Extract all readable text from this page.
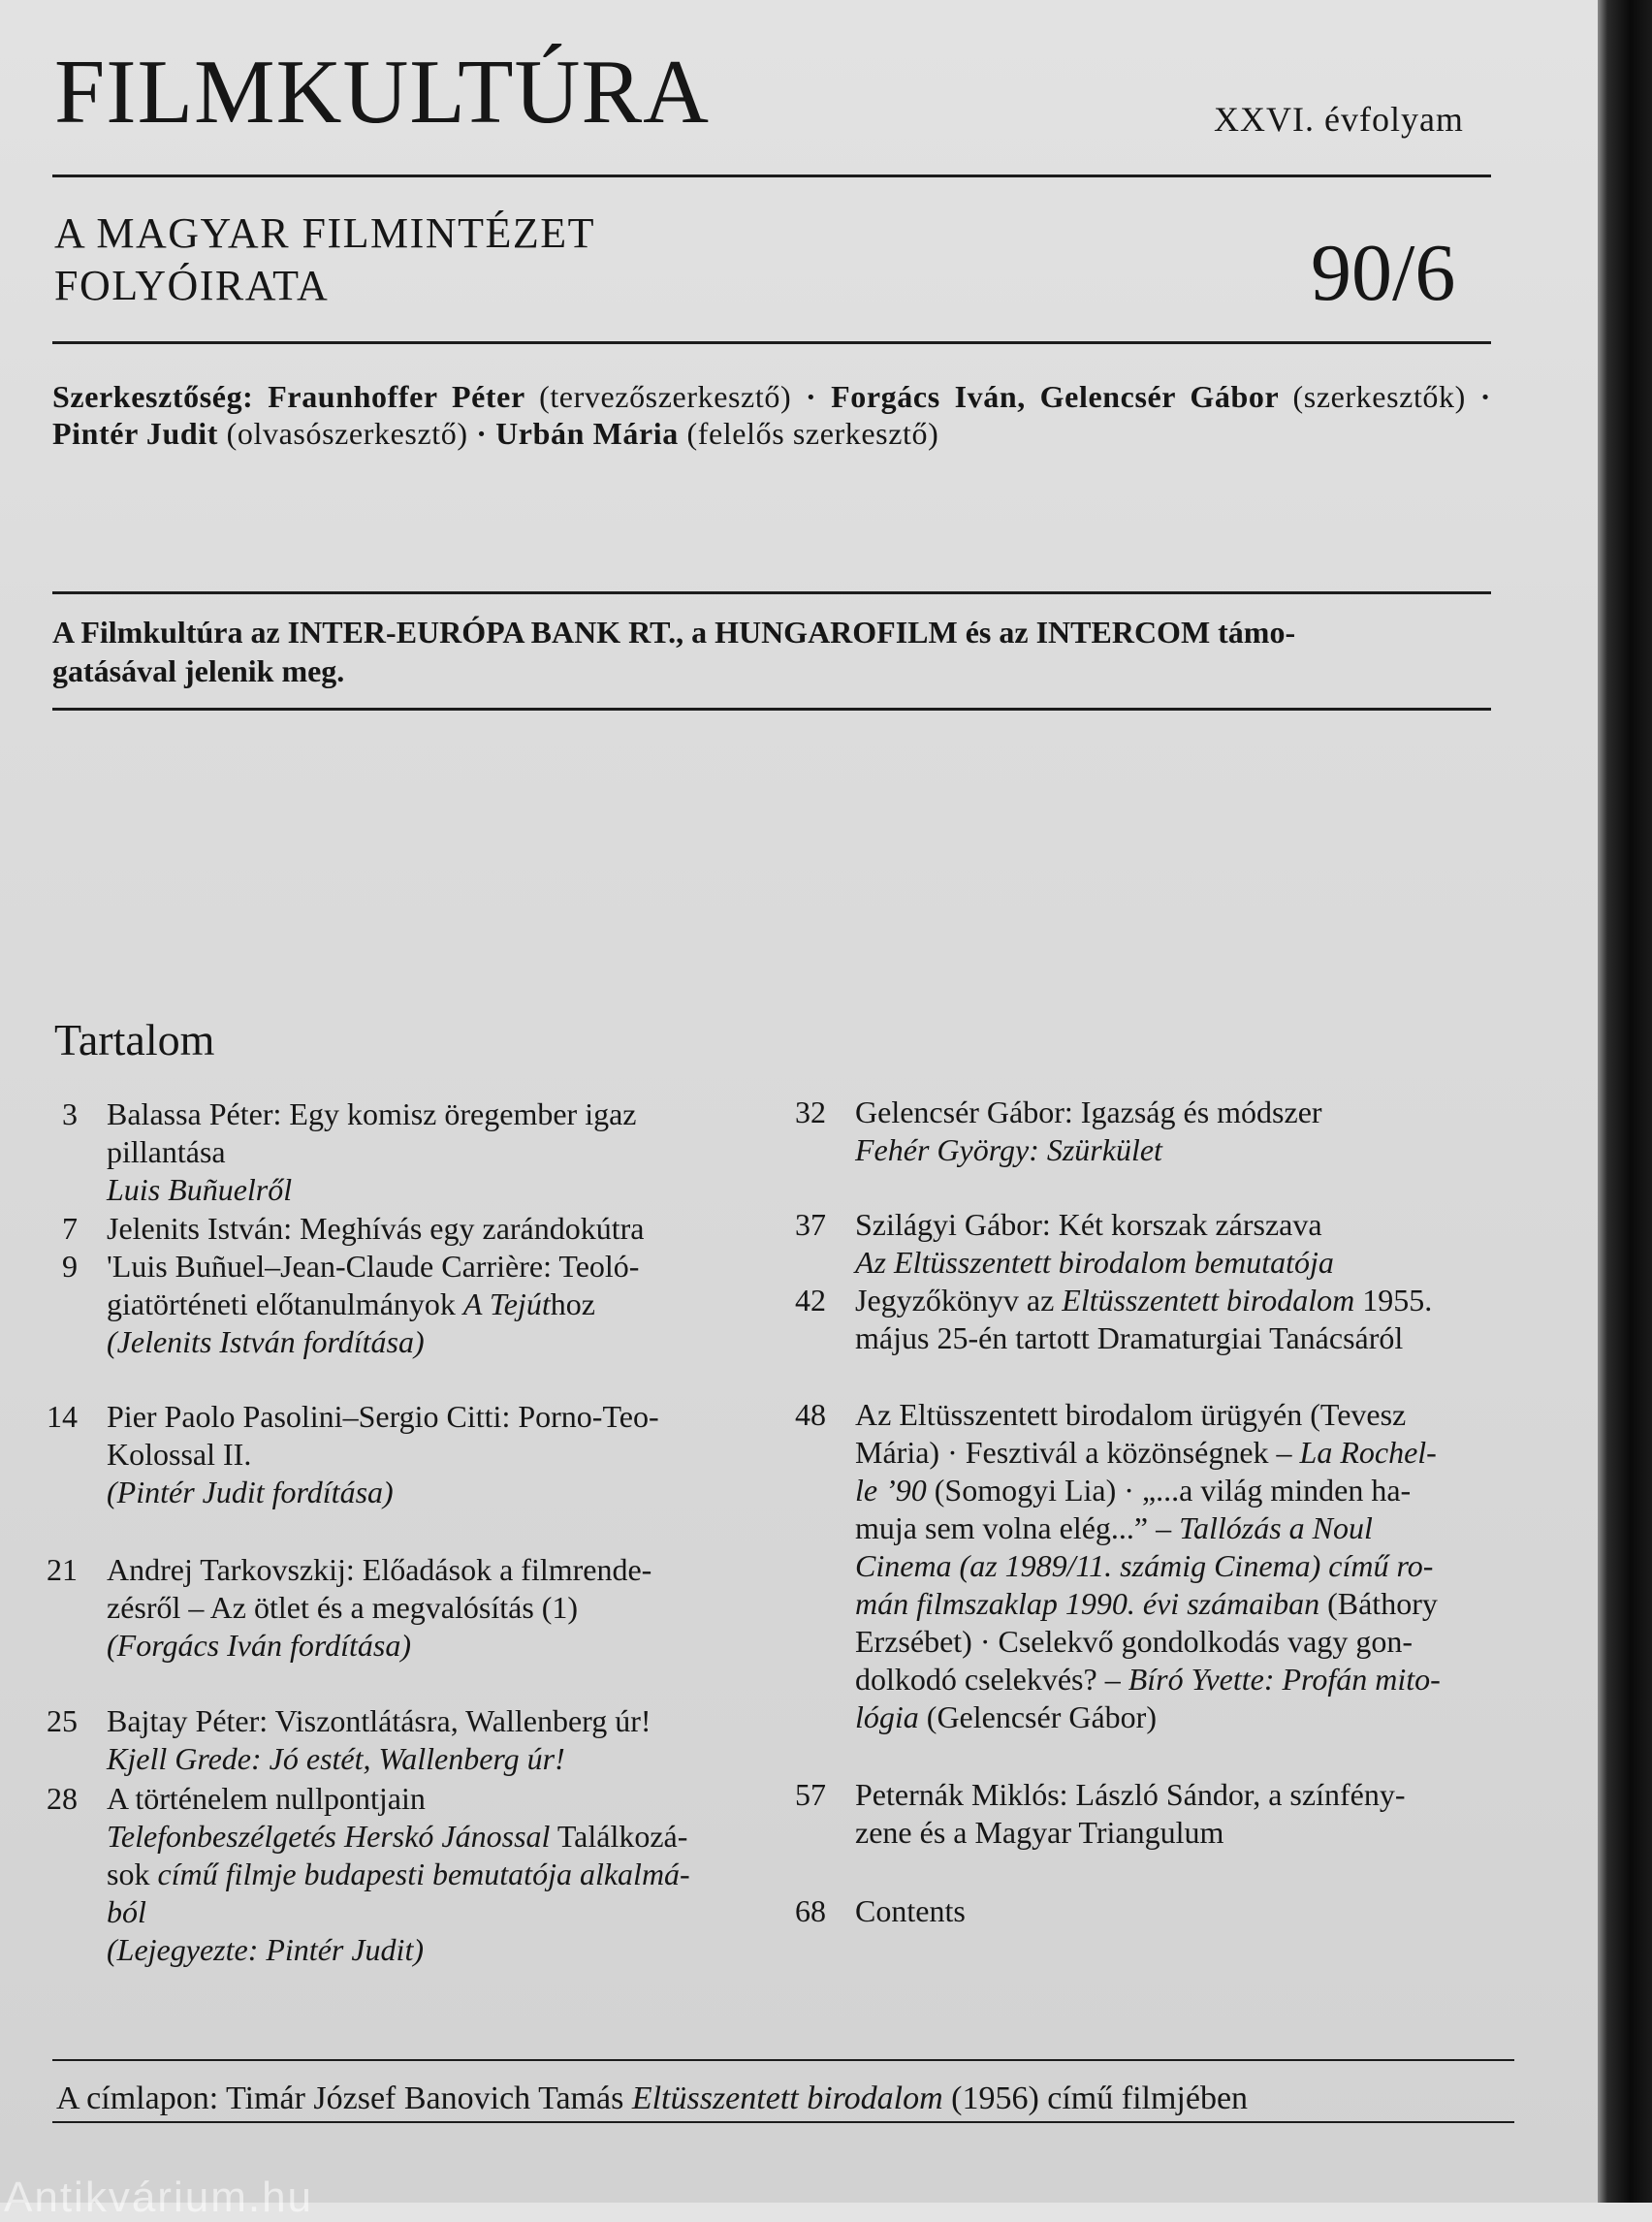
FILMKULTÚRA	XXVI. évfolyam
A MAGYAR FILMINTÉZET
FOLYÓIRATA	90/6
Szerkesztőség: Fraunhoffer Péter (tervezőszerkesztő) · Forgács Iván, Gelencsér Gábor (szerkesztők) · Pintér Judit (olvasószerkesztő) · Urbán Mária (felelős szerkesztő)
A Filmkultúra az INTER-EURÓPA BANK RT., a HUNGAROFILM és az INTERCOM támo-
gatásával jelenik meg.
Tartalom
3 Balassa Péter: Egy komisz öregember igaz
pillantása
Luis Buñuelről
7 Jelenits István: Meghívás egy zarándokútra
9 'Luis Buñuel–Jean-Claude Carrière: Teoló-
giatörténeti előtanulmányok A Tejúthoz
(Jelenits István fordítása)
14 Pier Paolo Pasolini–Sergio Citti: Porno-Teo-
Kolossal II.
(Pintér Judit fordítása)
21 Andrej Tarkovszkij: Előadások a filmrende-
zésről – Az ötlet és a megvalósítás (1)
(Forgács Iván fordítása)
25 Bajtay Péter: Viszontlátásra, Wallenberg úr!
Kjell Grede: Jó estét, Wallenberg úr!
28 A történelem nullpontjain
Telefonbeszélgetés Herskó Jánossal Találkozá-
sok című filmje budapesti bemutatója alkalmá-
ból
(Lejegyezte: Pintér Judit)
32 Gelencsér Gábor: Igazság és módszer
Fehér György: Szürkület
37 Szilágyi Gábor: Két korszak zárszava
Az Eltüsszentett birodalom bemutatója
42 Jegyzőkönyv az Eltüsszentett birodalom 1955.
május 25-én tartott Dramaturgiai Tanácsáról
48 Az Eltüsszentett birodalom ürügyén (Tevesz
Mária) · Fesztivál a közönségnek – La Rochel-
le ’90 (Somogyi Lia) · „...a világ minden ha-
muja sem volna elég...” – Tallózás a Noul
Cinema (az 1989/11. számig Cinema) című ro-
mán filmszaklap 1990. évi számaiban (Báthory
Erzsébet) · Cselekvő gondolkodás vagy gon-
dolkodó cselekvés? – Bíró Yvette: Profán mito-
lógia (Gelencsér Gábor)
57 Peternák Miklós: László Sándor, a színfény-
zene és a Magyar Triangulum
68 Contents
A címlapon: Timár József Banovich Tamás Eltüsszentett birodalom (1956) című filmjében
Antikvárium.hu
